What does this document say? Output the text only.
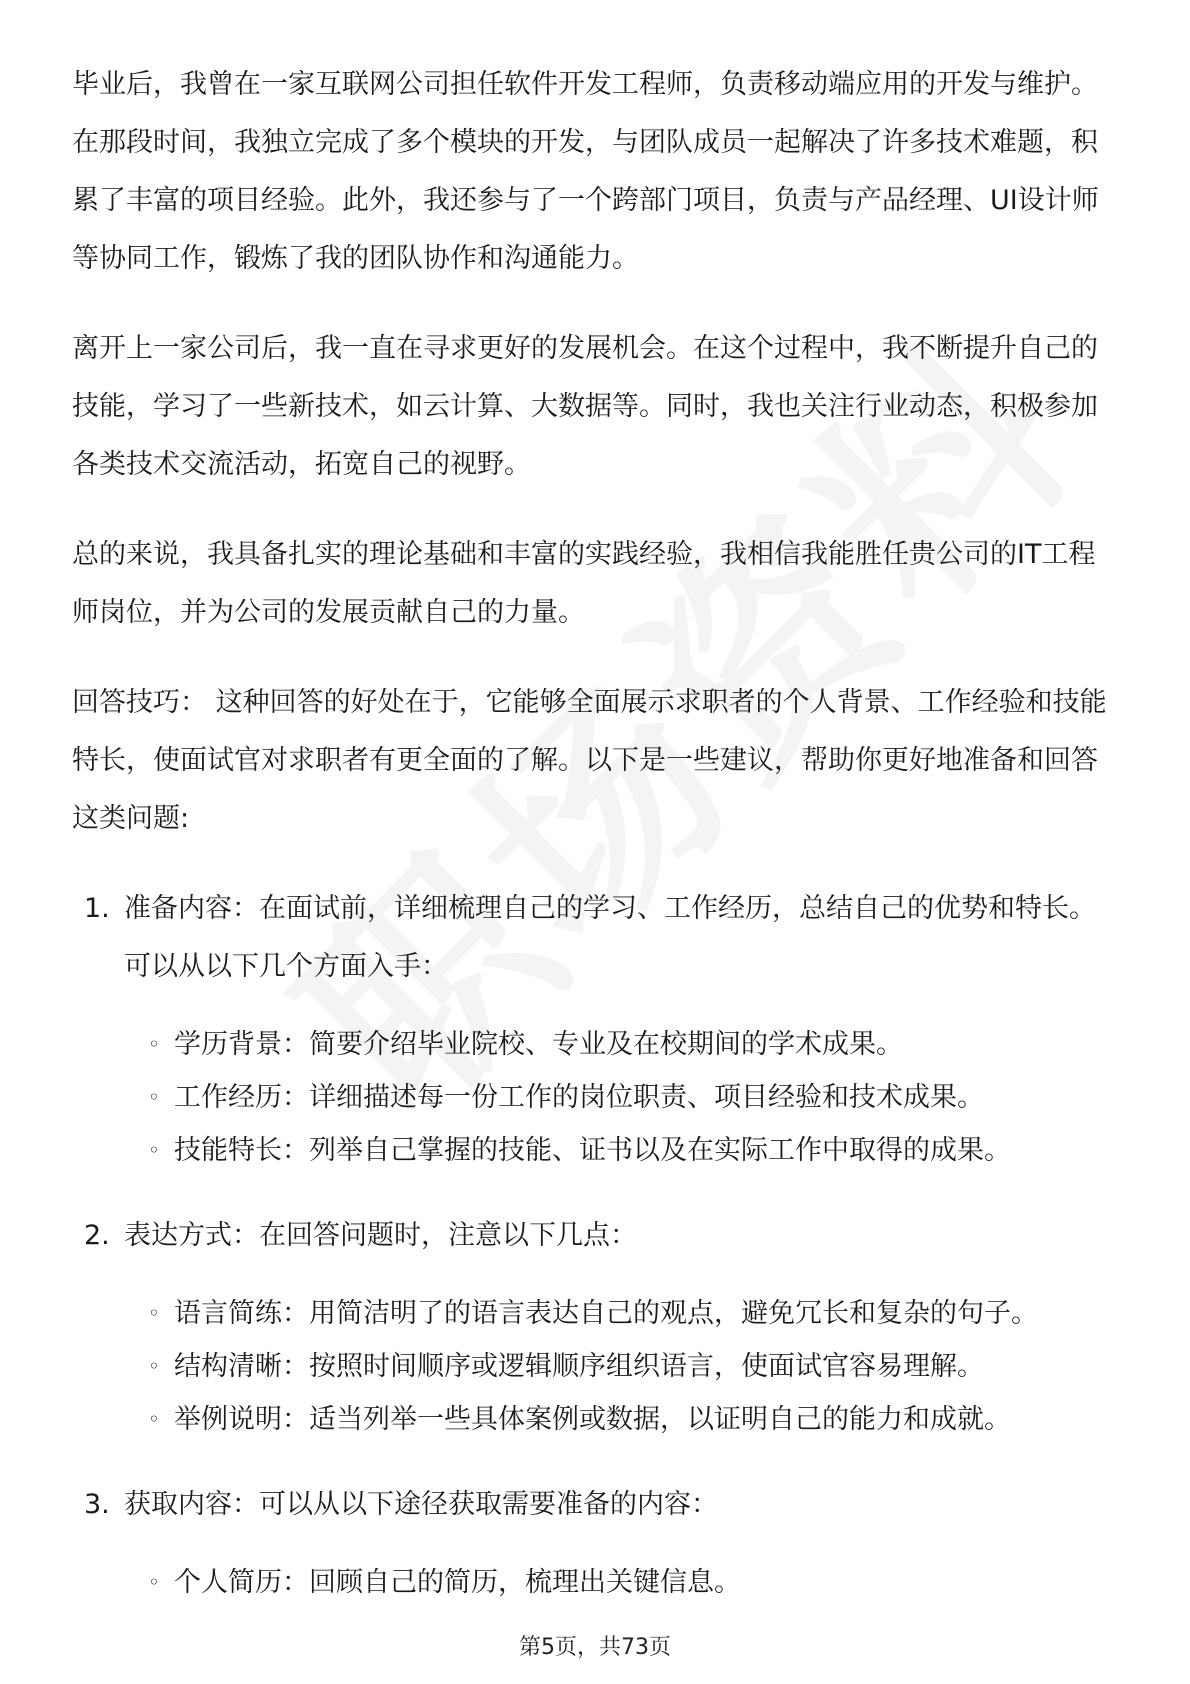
毕业后，我曾在一家互联网公司担任软件开发工程师，负责移动端应用的开发与维护。在那段时间，我独立完成了多个模块的开发，与团队成员一起解决了许多技术难题，积累了丰富的项目经验。此外，我还参与了一个跨部门项目，负责与产品经理、UI设计师等协同工作，锻炼了我的团队协作和沟通能力。

离开上一家公司后，我一直在寻求更好的发展机会。在这个过程中，我不断提升自己的技能，学习了一些新技术，如云计算、大数据等。同时，我也关注行业动态，积极参加各类技术交流活动，拓宽自己的视野。

总的来说，我具备扎实的理论基础和丰富的实践经验，我相信我能胜任贵公司的IT工程师岗位，并为公司的发展贡献自己的力量。

回答技巧： 这种回答的好处在于，它能够全面展示求职者的个人背景、工作经验和技能特长，使面试官对求职者有更全面的了解。以下是一些建议，帮助你更好地准备和回答这类问题:

1. 准备内容：在面试前，详细梳理自己的学习、工作经历，总结自己的优势和特长。可以从以下几个方面入手：
◦ 学历背景：简要介绍毕业院校、专业及在校期间的学术成果。
◦ 工作经历：详细描述每一份工作的岗位职责、项目经验和技术成果。
◦ 技能特长：列举自己掌握的技能、证书以及在实际工作中取得的成果。
2. 表达方式：在回答问题时，注意以下几点：
◦ 语言简练：用简洁明了的语言表达自己的观点，避免冗长和复杂的句子。
◦ 结构清晰：按照时间顺序或逻辑顺序组织语言，使面试官容易理解。
◦ 举例说明：适当列举一些具体案例或数据，以证明自己的能力和成就。
3. 获取内容：可以从以下途径获取需要准备的内容：
◦ 个人简历：回顾自己的简历，梳理出关键信息。
第5页，共73页
